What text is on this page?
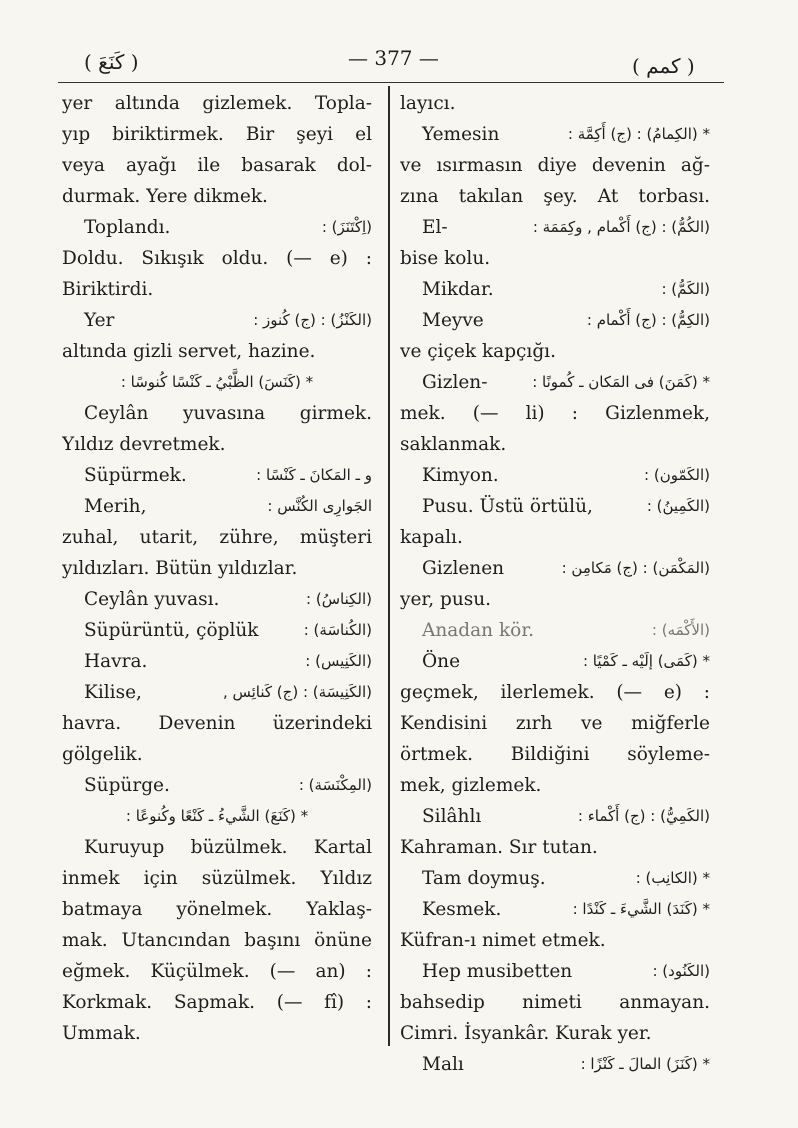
( كَنَعَ )	— 377 —	( كمم )
yer altında gizlemek. Topla-
yıp biriktirmek. Bir şeyi el
veya ayağı ile basarak dol-
durmak. Yere dikmek.
Toplandı.	(اِكْتَنَزَ) :
Doldu. Sıkışık oldu. (— e) :
Biriktirdi.
Yer	(الكَنْزُ) : (ج) كُنوز :
altında gizli servet, hazine.
* (كَنَسَ) الظَّبْيُ ـ كَنْسًا كُنوسًا :
Ceylân yuvasına girmek.
Yıldız devretmek.
Süpürmek.	و ـ المَكانَ ـ كَنْسًا :
Merih,	الجَوارِى الكُنَّس :
zuhal, utarit, zühre, müşteri
yıldızları. Bütün yıldızlar.
Ceylân yuvası.	(الكِناسُ) :
Süpürüntü, çöplük	(الكُناسَة) :
Havra.	(الكَنِيس) :
Kilise,	(الكَنِيسَة) : (ج) كَنائِس ,
havra. Devenin üzerindeki
gölgelik.
Süpürge.	(المِكْنَسَة) :
* (كَنَعَ) الشَّيءُ ـ كَنْعًا وكُنوعًا :
Kuruyup büzülmek. Kartal
inmek için süzülmek. Yıldız
batmaya yönelmek. Yaklaş-
mak. Utancından başını önüne
eğmek. Küçülmek. (— an) :
Korkmak. Sapmak. (— fî) :
Ummak.
layıcı.
Yemesin	* (الكِمامُ) : (ج) أَكِمَّة :
ve ısırmasın diye devenin ağ-
zına takılan şey. At torbası.
El-	(الكُمُّ) : (ج) أَكْمام , وكِمَمَة :
bise kolu.
Mikdar.	(الكَمُّ) :
Meyve	(الكِمُّ) : (ج) أَكْمام :
ve çiçek kapçığı.
Gizlen-	* (كَمَنَ) فى المَكان ـ كُمونًا :
mek. (— li) : Gizlenmek,
saklanmak.
Kimyon.	(الكَمّون) :
Pusu. Üstü örtülü,	(الكَمِينُ) :
kapalı.
Gizlenen	(المَكْمَن) : (ج) مَكامِن :
yer, pusu.
Anadan kör.	(الأَكْمَه) :
Öne	* (كَمَى) إلَيْه ـ كَمْيًا :
geçmek, ilerlemek. (— e) :
Kendisini zırh ve miğferle
örtmek. Bildiğini söyleme-
mek, gizlemek.
Silâhlı	(الكَمِيُّ) : (ج) أَكْماء :
Kahraman. Sır tutan.
Tam doymuş.	* (الكانِب) :
Kesmek.	* (كَنَدَ) الشَّيءَ ـ كَنْدًا :
Küfran-ı nimet etmek.
Hep musibetten	(الكَنُود) :
bahsedip nimeti anmayan.
Cimri. İsyankâr. Kurak yer.
Malı	* (كَنَزَ) المالَ ـ كَنْزًا :
